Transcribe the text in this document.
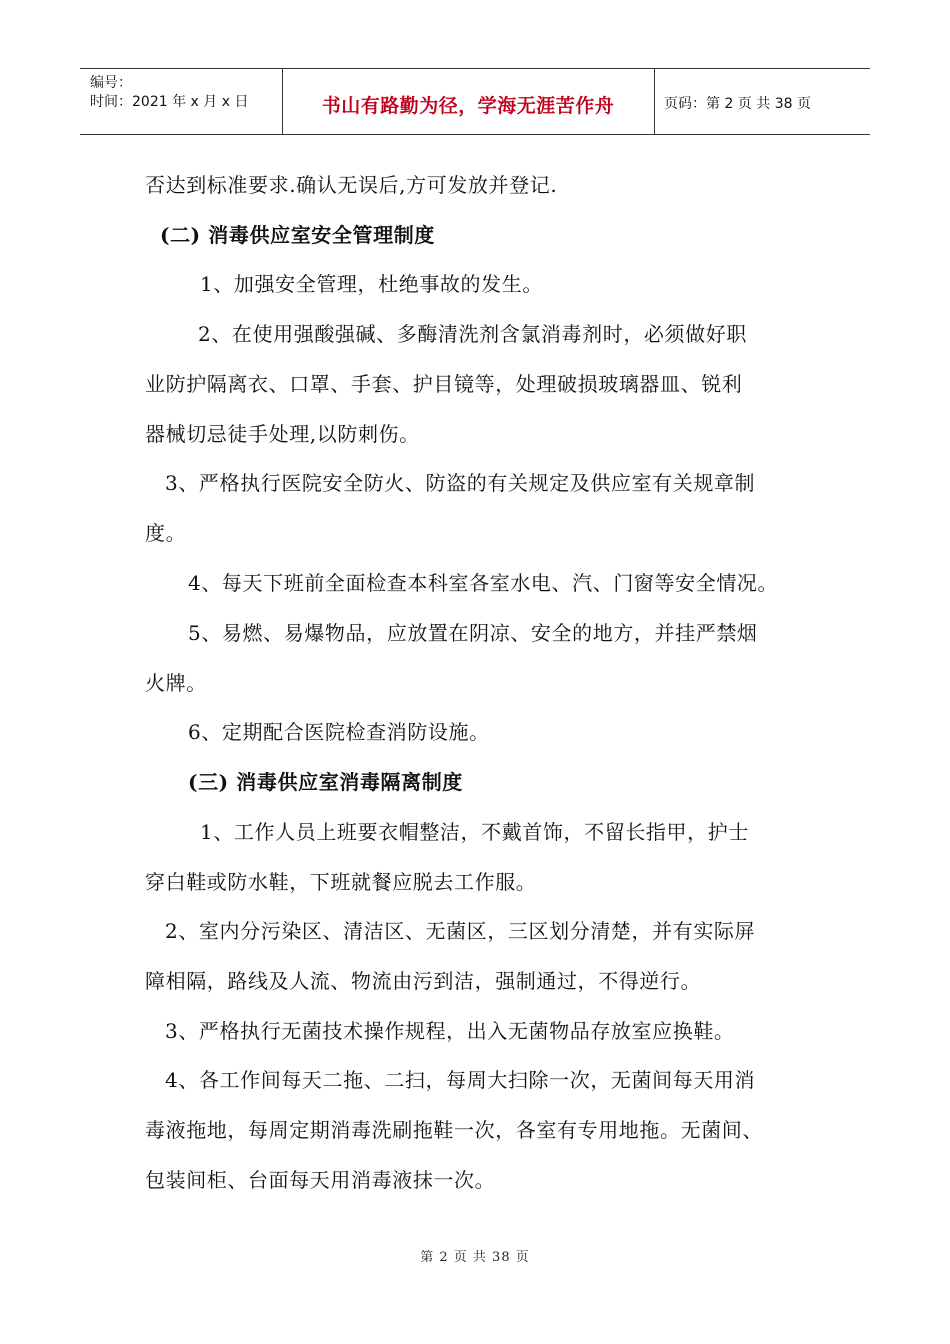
编号：
时间：2021 年 x 月 x 日	书山有路勤为径，学海无涯苦作舟	页码：第 2 页 共 38 页
否达到标准要求.确认无误后,方可发放并登记.
(二) 消毒供应室安全管理制度
1、加强安全管理，杜绝事故的发生。
2、在使用强酸强碱、多酶清洗剂含氯消毒剂时，必须做好职
业防护隔离衣、口罩、手套、护目镜等，处理破损玻璃器皿、锐利
器械切忌徒手处理,以防刺伤。
3、严格执行医院安全防火、防盗的有关规定及供应室有关规章制
度。
4、每天下班前全面检查本科室各室水电、汽、门窗等安全情况。
5、易燃、易爆物品，应放置在阴凉、安全的地方，并挂严禁烟
火牌。
6、定期配合医院检查消防设施。
(三) 消毒供应室消毒隔离制度
1、工作人员上班要衣帽整洁，不戴首饰，不留长指甲，护士
穿白鞋或防水鞋，下班就餐应脱去工作服。
2、室内分污染区、清洁区、无菌区，三区划分清楚，并有实际屏
障相隔，路线及人流、物流由污到洁，强制通过，不得逆行。
3、严格执行无菌技术操作规程，出入无菌物品存放室应换鞋。
4、各工作间每天二拖、二扫，每周大扫除一次，无菌间每天用消
毒液拖地，每周定期消毒洗刷拖鞋一次，各室有专用地拖。无菌间、
包装间柜、台面每天用消毒液抹一次。
第 2 页 共 38 页
